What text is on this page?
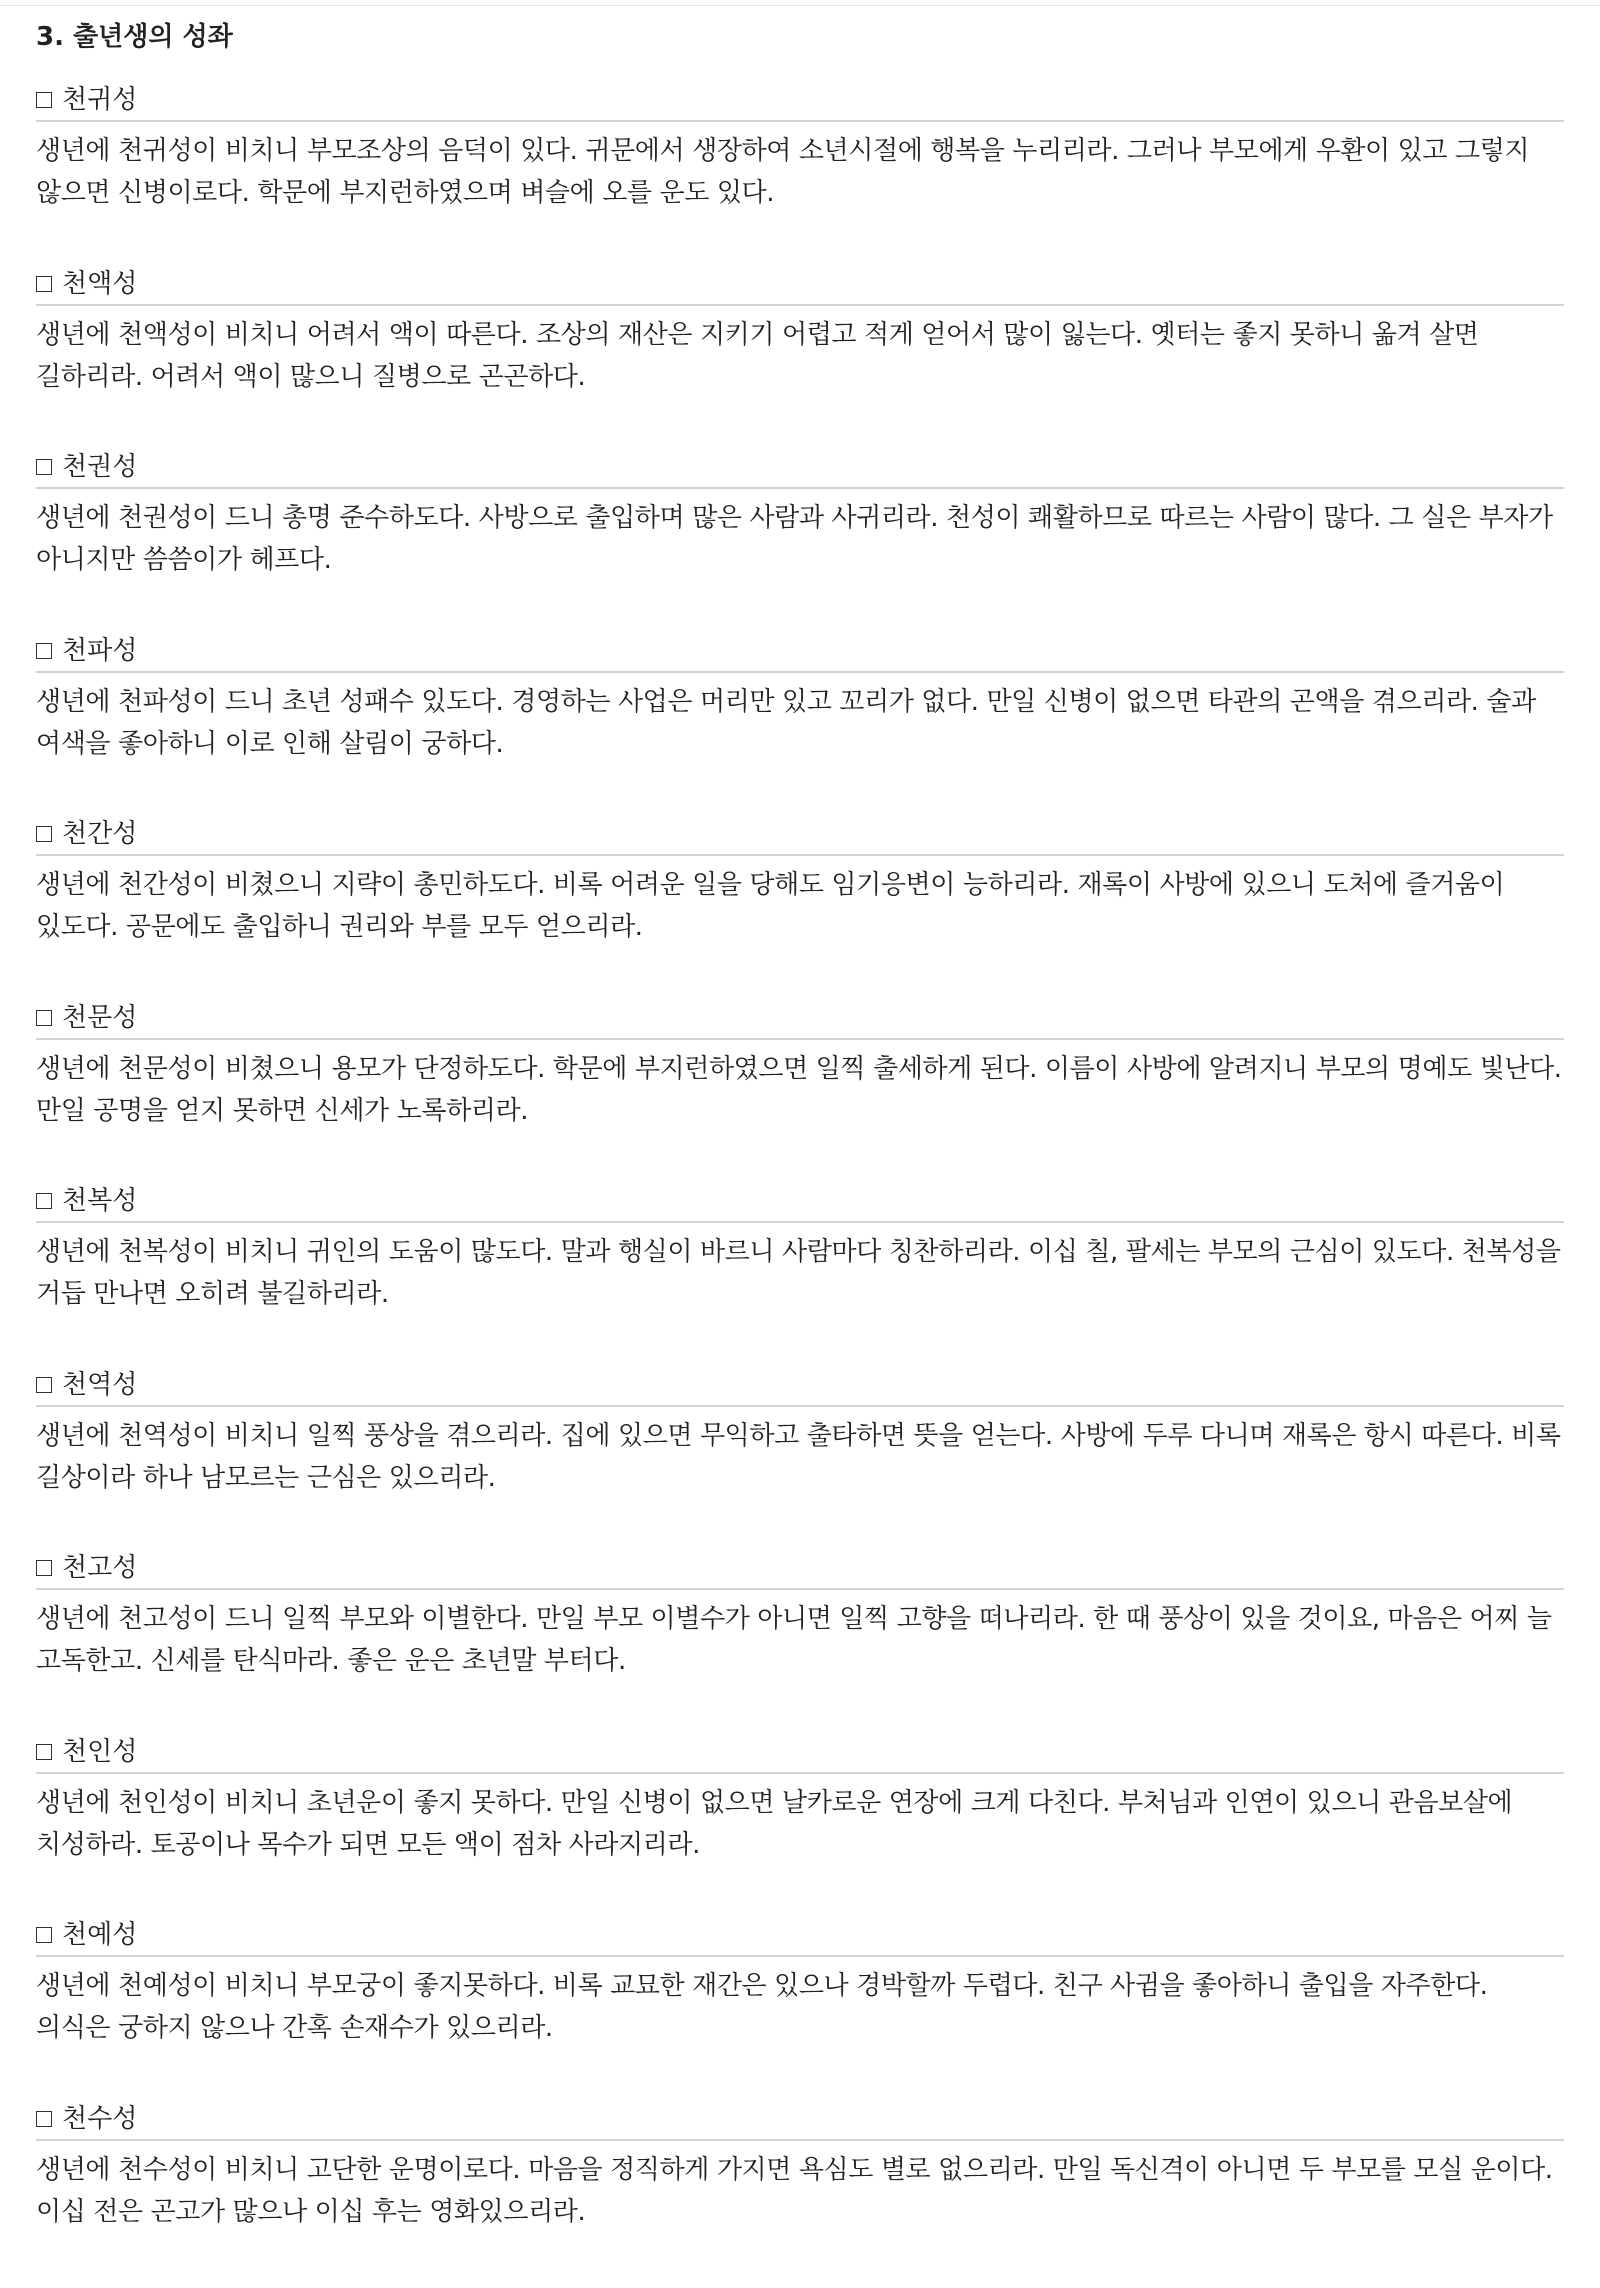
3. 출년생의 성좌
천귀성

생년에 천귀성이 비치니 부모조상의 음덕이 있다. 귀문에서 생장하여 소년시절에 행복을 누리리라. 그러나 부모에게 우환이 있고 그렇지 않으면 신병이로다. 학문에 부지런하였으며 벼슬에 오를 운도 있다.

천액성

생년에 천액성이 비치니 어려서 액이 따른다. 조상의 재산은 지키기 어렵고 적게 얻어서 많이 잃는다. 옛터는 좋지 못하니 옮겨 살면 길하리라. 어려서 액이 많으니 질병으로 곤곤하다.

천권성

생년에 천권성이 드니 총명 준수하도다. 사방으로 출입하며 많은 사람과 사귀리라. 천성이 쾌활하므로 따르는 사람이 많다. 그 실은 부자가 아니지만 씀씀이가 헤프다.

천파성

생년에 천파성이 드니 초년 성패수 있도다. 경영하는 사업은 머리만 있고 꼬리가 없다. 만일 신병이 없으면 타관의 곤액을 겪으리라. 술과 여색을 좋아하니 이로 인해 살림이 궁하다.

천간성

생년에 천간성이 비쳤으니 지략이 총민하도다. 비록 어려운 일을 당해도 임기응변이 능하리라. 재록이 사방에 있으니 도처에 즐거움이 있도다. 공문에도 출입하니 권리와 부를 모두 얻으리라.

천문성

생년에 천문성이 비쳤으니 용모가 단정하도다. 학문에 부지런하였으면 일찍 출세하게 된다. 이름이 사방에 알려지니 부모의 명예도 빛난다. 만일 공명을 얻지 못하면 신세가 노록하리라.

천복성

생년에 천복성이 비치니 귀인의 도움이 많도다. 말과 행실이 바르니 사람마다 칭찬하리라. 이십 칠, 팔세는 부모의 근심이 있도다. 천복성을 거듭 만나면 오히려 불길하리라.

천역성

생년에 천역성이 비치니 일찍 풍상을 겪으리라. 집에 있으면 무익하고 출타하면 뜻을 얻는다. 사방에 두루 다니며 재록은 항시 따른다. 비록 길상이라 하나 남모르는 근심은 있으리라.

천고성

생년에 천고성이 드니 일찍 부모와 이별한다. 만일 부모 이별수가 아니면 일찍 고향을 떠나리라. 한 때 풍상이 있을 것이요, 마음은 어찌 늘 고독한고. 신세를 탄식마라. 좋은 운은 초년말 부터다.

천인성

생년에 천인성이 비치니 초년운이 좋지 못하다. 만일 신병이 없으면 날카로운 연장에 크게 다친다. 부처님과 인연이 있으니 관음보살에 치성하라. 토공이나 목수가 되면 모든 액이 점차 사라지리라.

천예성

생년에 천예성이 비치니 부모궁이 좋지못하다. 비록 교묘한 재간은 있으나 경박할까 두렵다. 친구 사귐을 좋아하니 출입을 자주한다. 의식은 궁하지 않으나 간혹 손재수가 있으리라.

천수성

생년에 천수성이 비치니 고단한 운명이로다. 마음을 정직하게 가지면 욕심도 별로 없으리라. 만일 독신격이 아니면 두 부모를 모실 운이다. 이십 전은 곤고가 많으나 이십 후는 영화있으리라.
